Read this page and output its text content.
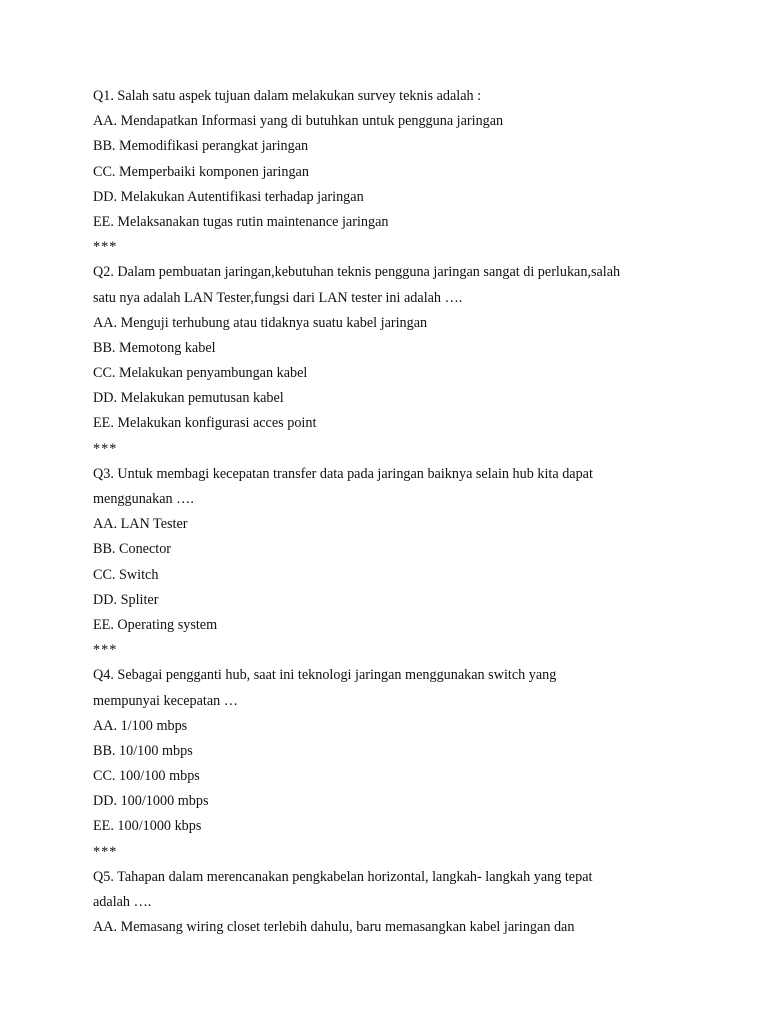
Q1. Salah satu aspek tujuan dalam melakukan survey teknis adalah :
AA. Mendapatkan Informasi yang di butuhkan untuk pengguna jaringan
BB. Memodifikasi perangkat jaringan
CC. Memperbaiki komponen jaringan
DD. Melakukan Autentifikasi terhadap jaringan
EE. Melaksanakan tugas rutin maintenance jaringan
***
Q2. Dalam pembuatan jaringan,kebutuhan teknis pengguna jaringan sangat di perlukan,salah
satu nya adalah LAN Tester,fungsi dari LAN tester ini adalah ….
AA. Menguji terhubung atau tidaknya suatu kabel jaringan
BB. Memotong kabel
CC. Melakukan penyambungan kabel
DD. Melakukan pemutusan kabel
EE. Melakukan konfigurasi acces point
***
Q3. Untuk membagi kecepatan transfer data pada jaringan baiknya selain hub kita dapat
menggunakan ….
AA. LAN Tester
BB. Conector
CC. Switch
DD. Spliter
EE. Operating system
***
Q4. Sebagai pengganti hub, saat ini teknologi jaringan menggunakan switch yang
mempunyai kecepatan …
AA. 1/100 mbps
BB. 10/100 mbps
CC. 100/100 mbps
DD. 100/1000 mbps
EE. 100/1000 kbps
***
Q5. Tahapan dalam merencanakan pengkabelan horizontal, langkah- langkah yang tepat
adalah ….
AA. Memasang wiring closet terlebih dahulu, baru memasangkan kabel jaringan dan
